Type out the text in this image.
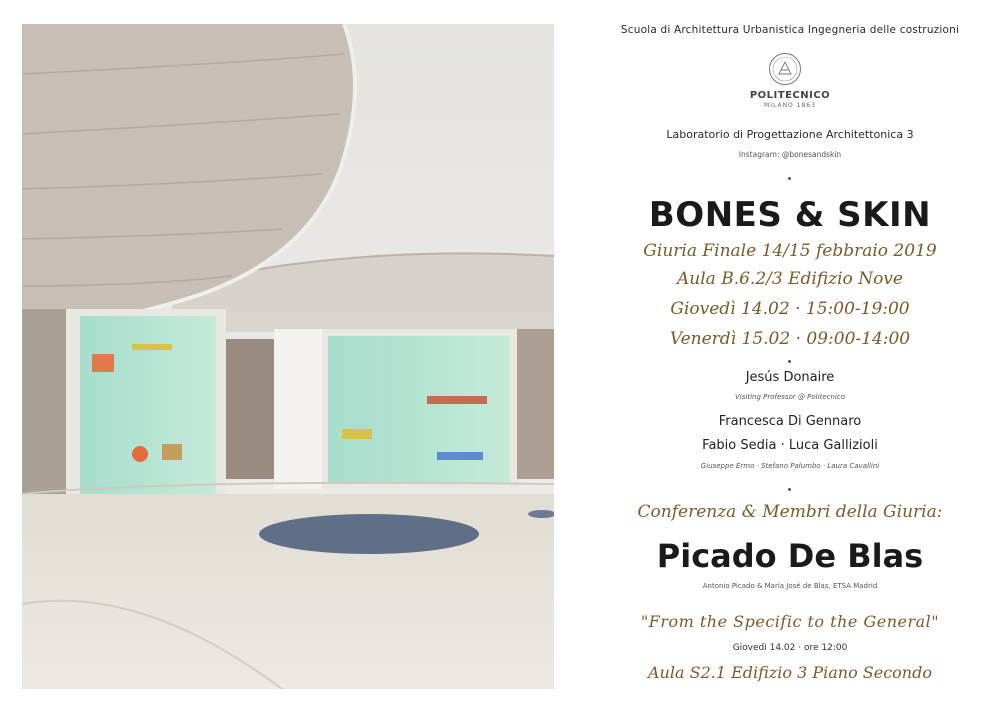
Scuola di Architettura Urbanistica Ingegneria delle costruzioni
POLITECNICO
MILANO 1863
Laboratorio di Progettazione Architettonica 3
Instagram: @bonesandskin
BONES & SKIN
Giuria Finale 14/15 febbraio 2019
Aula B.6.2/3 Edifizio Nove
Giovedì 14.02 · 15:00-19:00
Venerdì 15.02 · 09:00-14:00
Jesús Donaire
Visiting Professor @ Politecnico
Francesca Di Gennaro
Fabio Sedia · Luca Gallizioli
Giuseppe Ermo · Stefano Palumbo · Laura Cavallini
Conferenza & Membri della Giuria:
Picado De Blas
Antonio Picado & María José de Blas, ETSA Madrid
"From the Specific to the General"
Giovedì 14.02 · ore 12:00
Aula S2.1 Edifizio 3 Piano Secondo
